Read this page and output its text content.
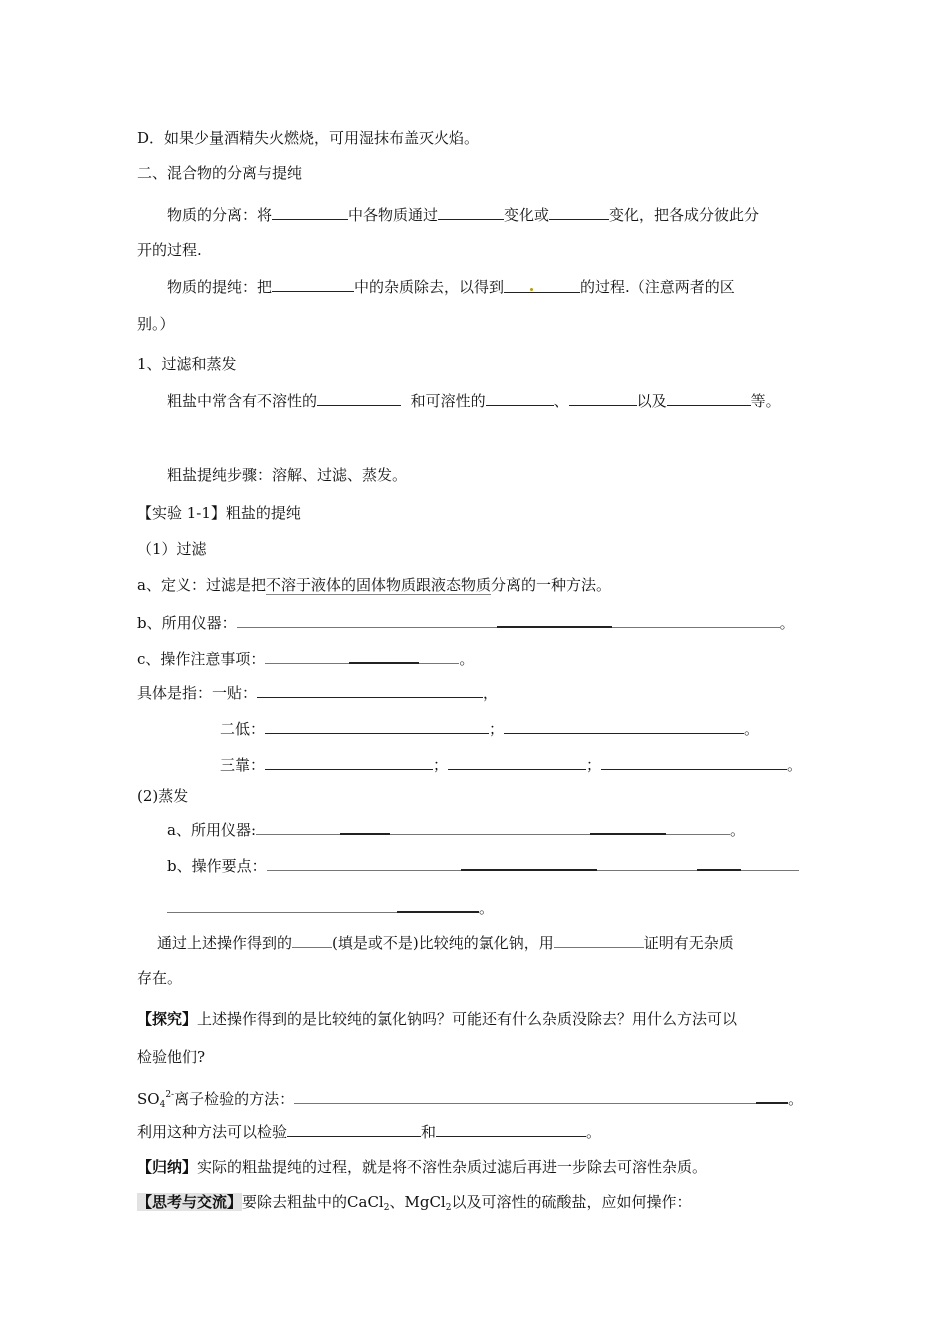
D．如果少量酒精失火燃烧，可用湿抹布盖灭火焰。
二、混合物的分离与提纯
物质的分离：将	中各物质通过	变化或	变化，把各成分彼此分
开的过程.
物质的提纯：把	中的杂质除去，以得到	的过程.（注意两者的区
别。）
1、过滤和蒸发
粗盐中常含有不溶性的	和可溶性的	、	以及	等。
粗盐提纯步骤：溶解、过滤、蒸发。
【实验 1-1】粗盐的提纯
（1）过滤
a、定义：过滤是把不溶于液体的固体物质跟液态物质分离的一种方法。
b、所用仪器：	。
c、操作注意事项：	。
具体是指：一贴：	，
二低：	；	。
三靠：	；	；	。
(2)蒸发
a、所用仪器:	。
b、操作要点：
。
通过上述操作得到的	(填是或不是)比较纯的氯化钠，用	证明有无杂质
存在。
【探究】上述操作得到的是比较纯的氯化钠吗？可能还有什么杂质没除去？用什么方法可以
检验他们?
$SO_4^{2-}$离子检验的方法：	。
利用这种方法可以检验	和	。
【归纳】实际的粗盐提纯的过程，就是将不溶性杂质过滤后再进一步除去可溶性杂质。
【思考与交流】要除去粗盐中的CaCl$_2$、MgCl$_2$以及可溶性的硫酸盐，应如何操作：
